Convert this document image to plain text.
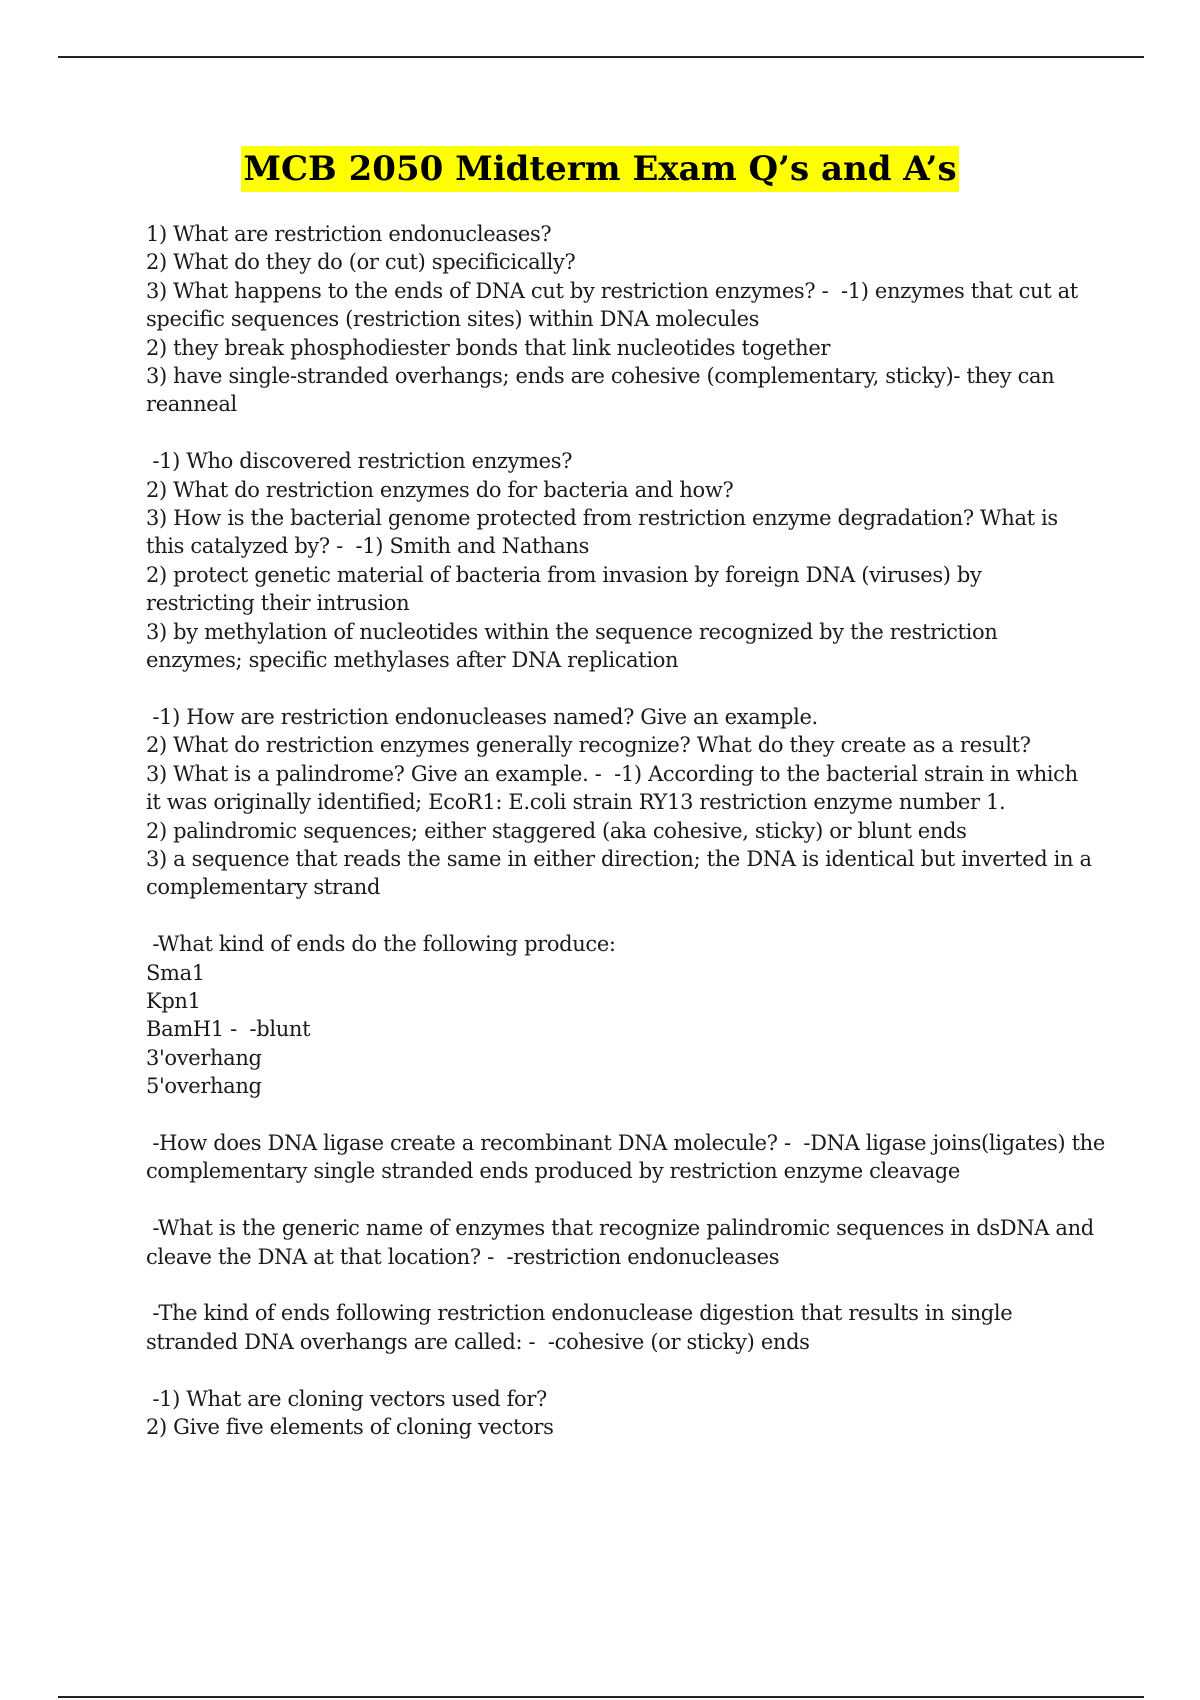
MCB 2050 Midterm Exam Q’s and A’s
1) What are restriction endonucleases?
2) What do they do (or cut) specificically?
3) What happens to the ends of DNA cut by restriction enzymes? -  -1) enzymes that cut at
specific sequences (restriction sites) within DNA molecules
2) they break phosphodiester bonds that link nucleotides together
3) have single-stranded overhangs; ends are cohesive (complementary, sticky)- they can
reanneal
-1) Who discovered restriction enzymes?
2) What do restriction enzymes do for bacteria and how?
3) How is the bacterial genome protected from restriction enzyme degradation? What is
this catalyzed by? -  -1) Smith and Nathans
2) protect genetic material of bacteria from invasion by foreign DNA (viruses) by
restricting their intrusion
3) by methylation of nucleotides within the sequence recognized by the restriction
enzymes; specific methylases after DNA replication
-1) How are restriction endonucleases named? Give an example.
2) What do restriction enzymes generally recognize? What do they create as a result?
3) What is a palindrome? Give an example. -  -1) According to the bacterial strain in which
it was originally identified; EcoR1: E.coli strain RY13 restriction enzyme number 1.
2) palindromic sequences; either staggered (aka cohesive, sticky) or blunt ends
3) a sequence that reads the same in either direction; the DNA is identical but inverted in a
complementary strand
-What kind of ends do the following produce:
Sma1
Kpn1
BamH1 -  -blunt
3'overhang
5'overhang
-How does DNA ligase create a recombinant DNA molecule? -  -DNA ligase joins(ligates) the
complementary single stranded ends produced by restriction enzyme cleavage
-What is the generic name of enzymes that recognize palindromic sequences in dsDNA and
cleave the DNA at that location? -  -restriction endonucleases
-The kind of ends following restriction endonuclease digestion that results in single
stranded DNA overhangs are called: -  -cohesive (or sticky) ends
-1) What are cloning vectors used for?
2) Give five elements of cloning vectors
